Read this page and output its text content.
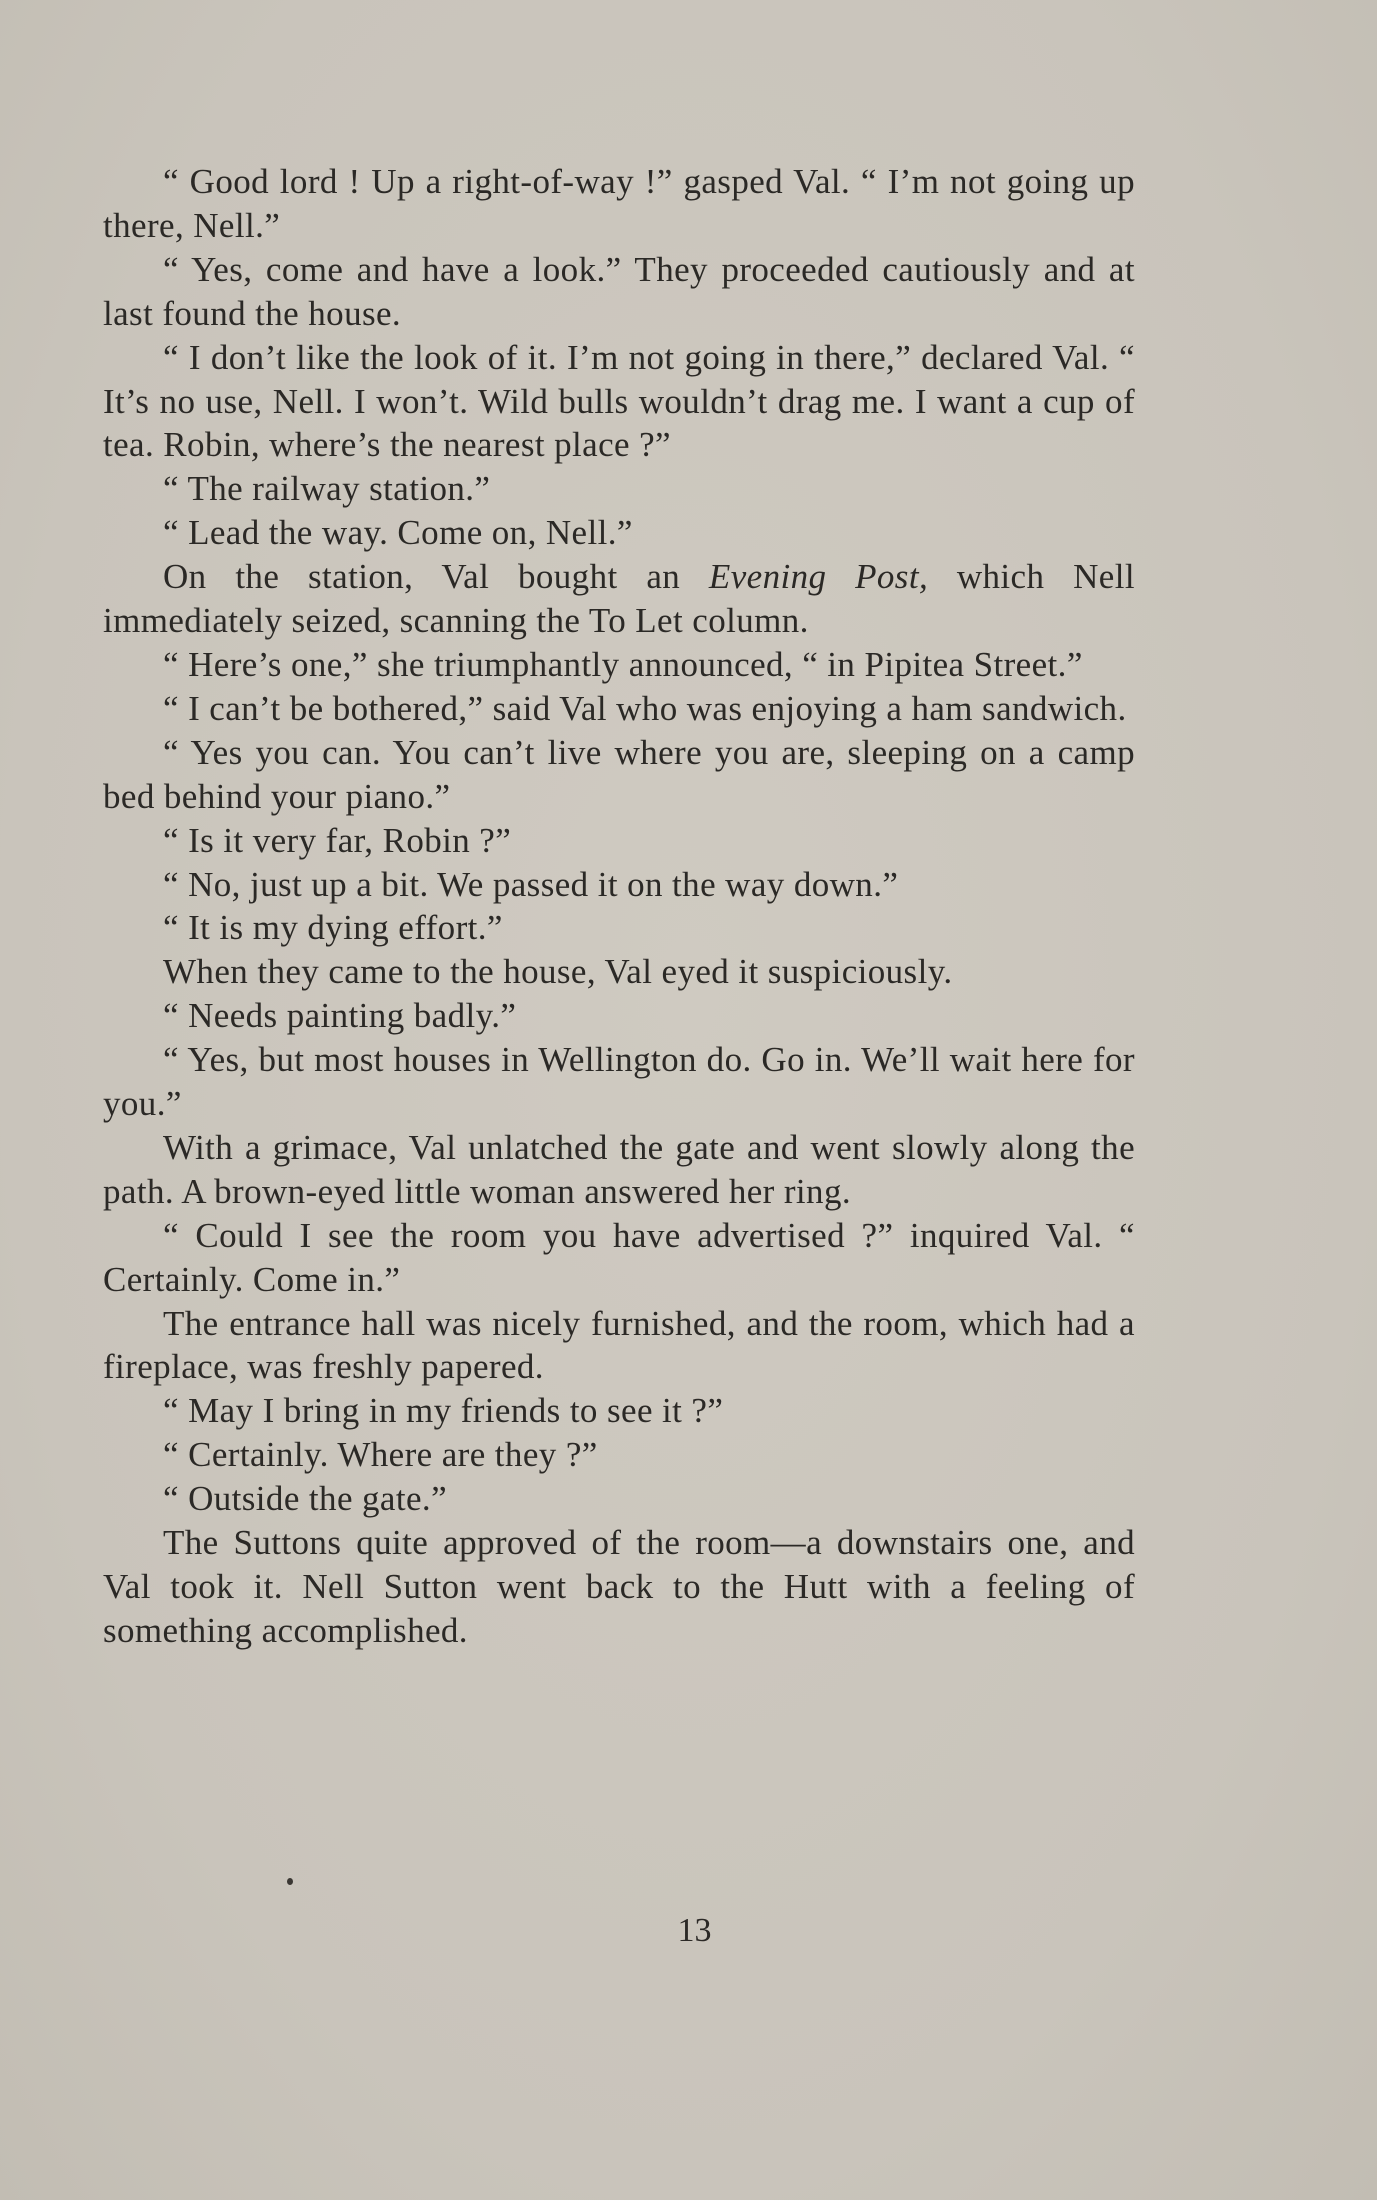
“ Good lord ! Up a right-of-way !” gasped Val. “ I’m not going up there, Nell.”

“ Yes, come and have a look.” They proceeded cautiously and at last found the house.

“ I don’t like the look of it. I’m not going in there,” declared Val. “ It’s no use, Nell. I won’t. Wild bulls wouldn’t drag me. I want a cup of tea. Robin, where’s the nearest place ?”

“ The railway station.”

“ Lead the way. Come on, Nell.”

On the station, Val bought an Evening Post, which Nell immediately seized, scanning the To Let column.

“ Here’s one,” she triumphantly announced, “ in Pipitea Street.”

“ I can’t be bothered,” said Val who was enjoying a ham sandwich.

“ Yes you can. You can’t live where you are, sleeping on a camp bed behind your piano.”

“ Is it very far, Robin ?”

“ No, just up a bit. We passed it on the way down.”

“ It is my dying effort.”

When they came to the house, Val eyed it suspiciously.

“ Needs painting badly.”

“ Yes, but most houses in Wellington do. Go in. We’ll wait here for you.”

With a grimace, Val unlatched the gate and went slowly along the path. A brown-eyed little woman answered her ring.

“ Could I see the room you have advertised ?” inquired Val. “ Certainly. Come in.”

The entrance hall was nicely furnished, and the room, which had a fireplace, was freshly papered.

“ May I bring in my friends to see it ?”

“ Certainly. Where are they ?”

“ Outside the gate.”

The Suttons quite approved of the room—a downstairs one, and Val took it. Nell Sutton went back to the Hutt with a feeling of something accomplished.

13
